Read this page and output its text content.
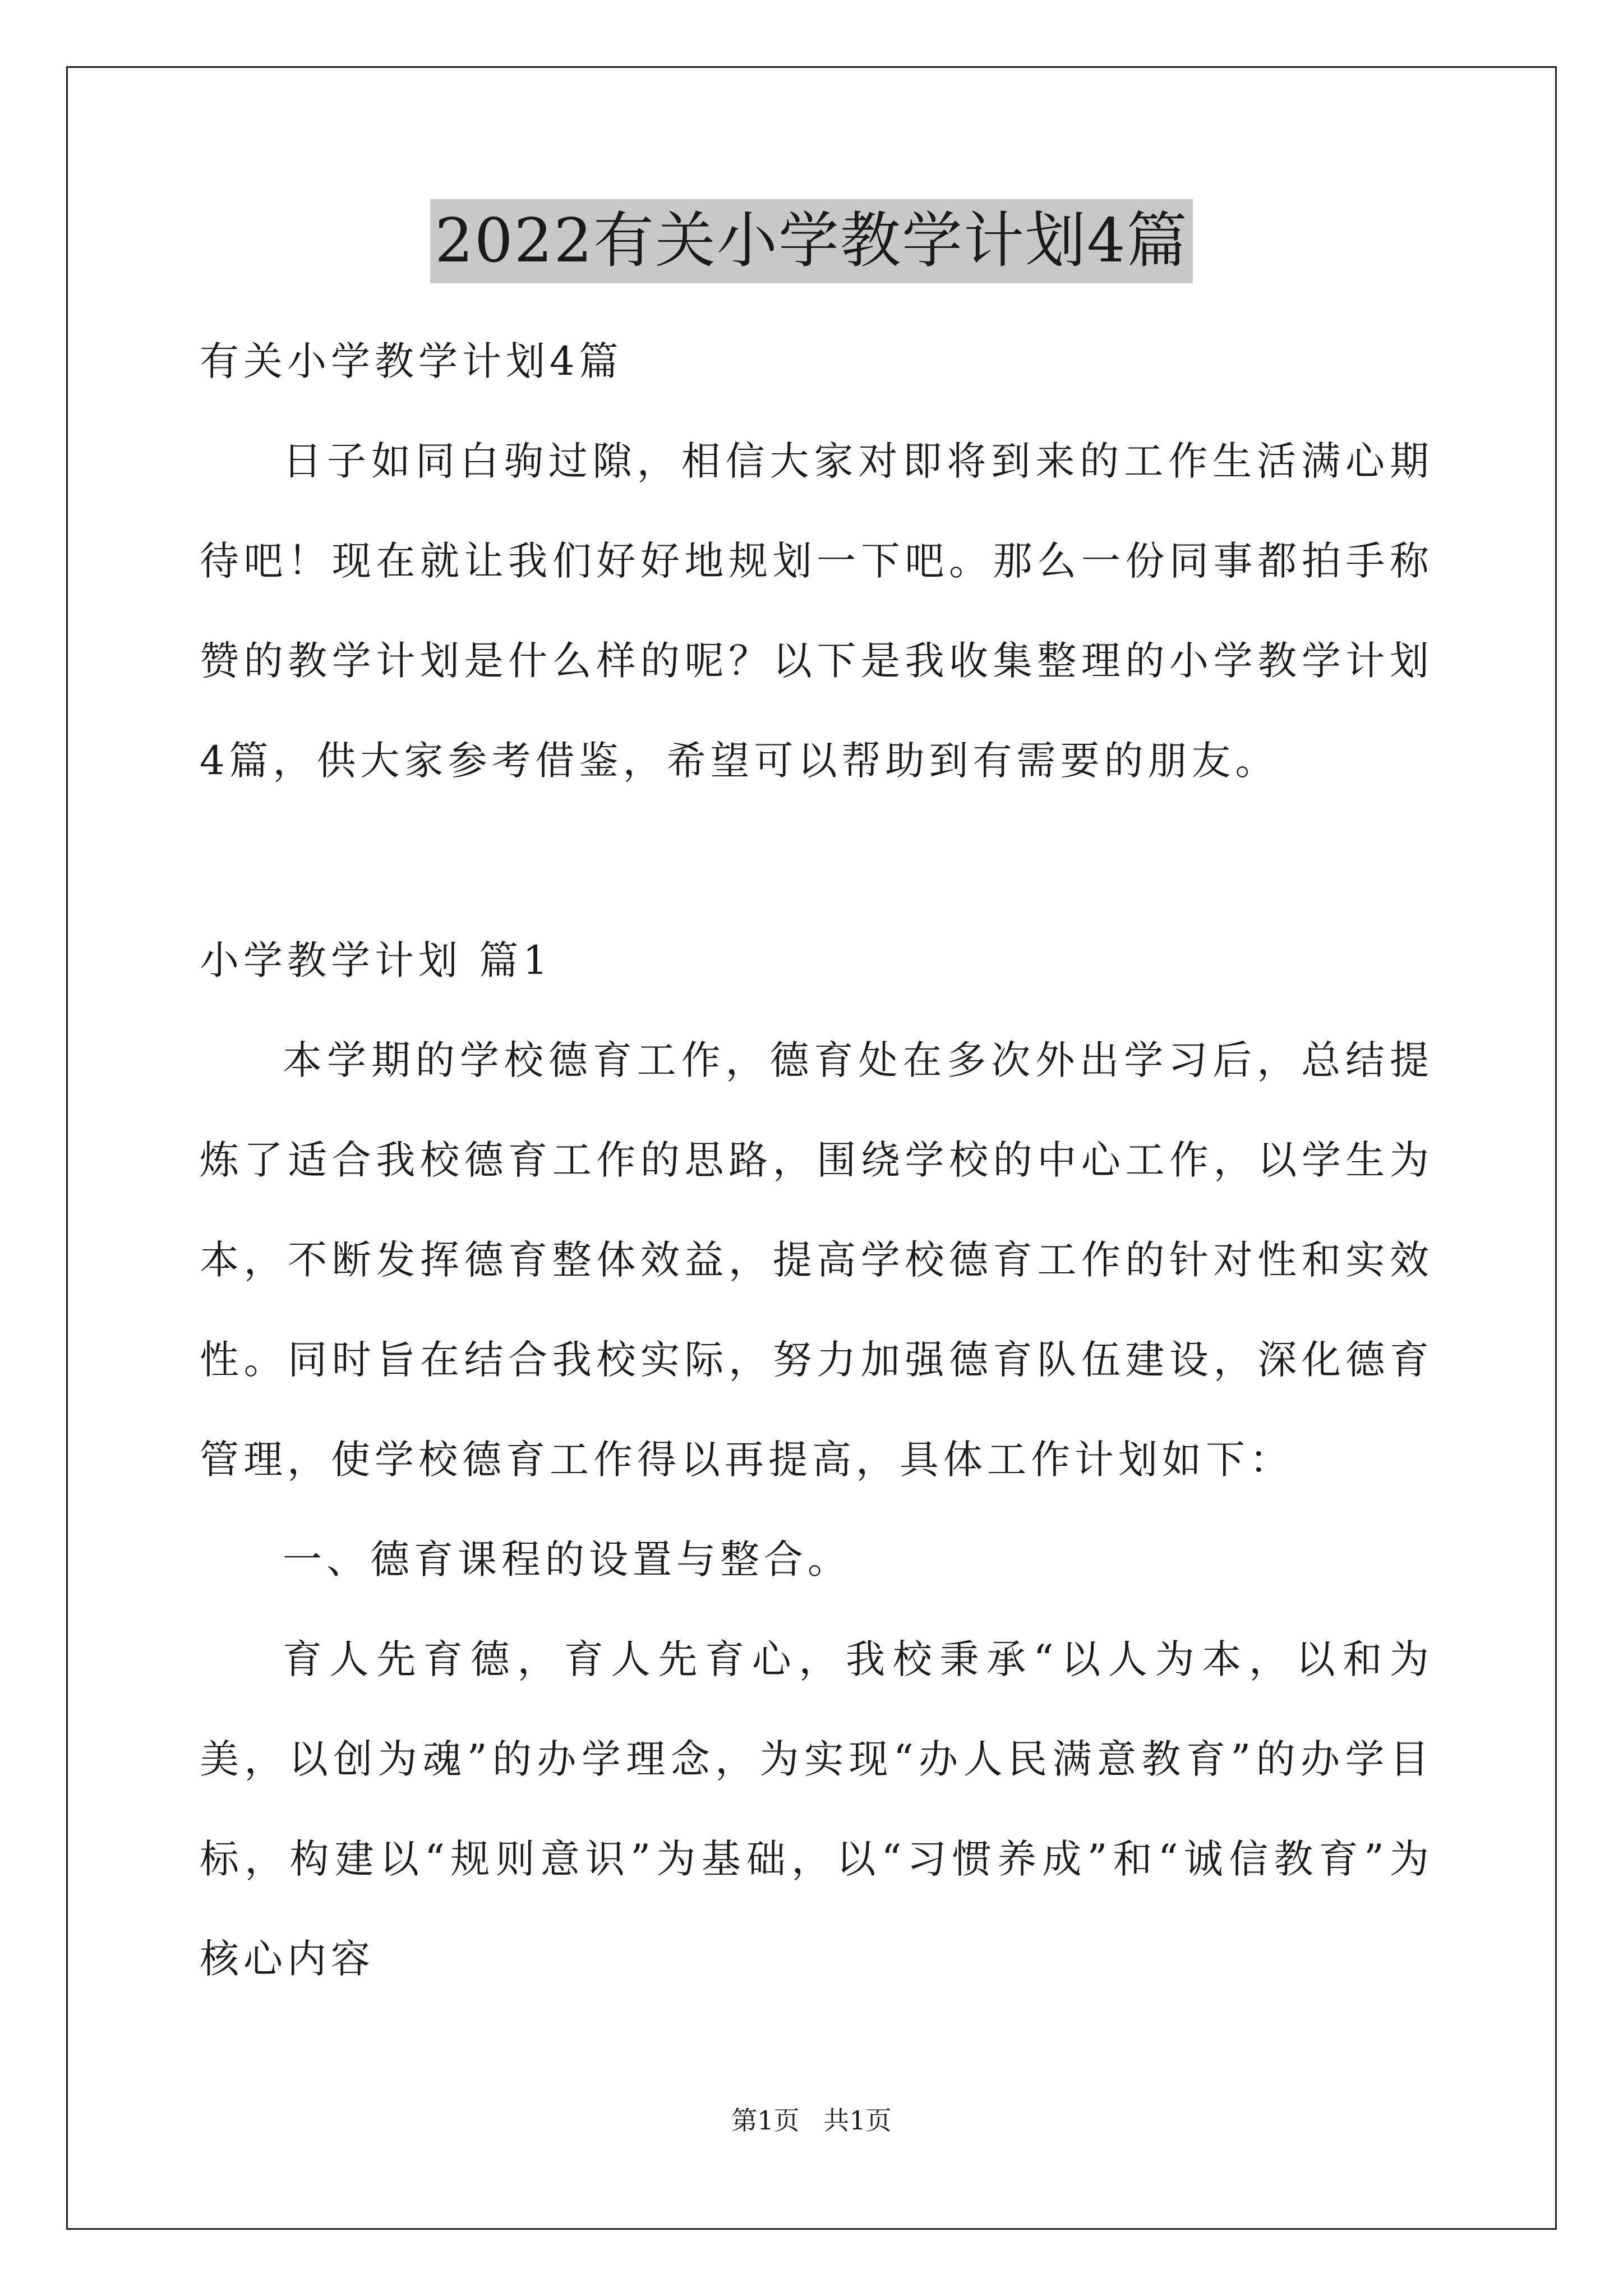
2022有关小学教学计划4篇

有关小学教学计划4篇

日子如同白驹过隙，相信大家对即将到来的工作生活满心期待吧！现在就让我们好好地规划一下吧。那么一份同事都拍手称赞的教学计划是什么样的呢？以下是我收集整理的小学教学计划4篇，供大家参考借鉴，希望可以帮助到有需要的朋友。

小学教学计划 篇1

本学期的学校德育工作，德育处在多次外出学习后，总结提炼了适合我校德育工作的思路，围绕学校的中心工作，以学生为本，不断发挥德育整体效益，提高学校德育工作的针对性和实效性。同时旨在结合我校实际，努力加强德育队伍建设，深化德育管理，使学校德育工作得以再提高，具体工作计划如下：

一、德育课程的设置与整合。

育人先育德，育人先育心，我校秉承“以人为本，以和为美，以创为魂”的办学理念，为实现“办人民满意教育”的办学目标，构建以“规则意识”为基础，以“习惯养成”和“诚信教育”为核心内容

第1页 共1页
